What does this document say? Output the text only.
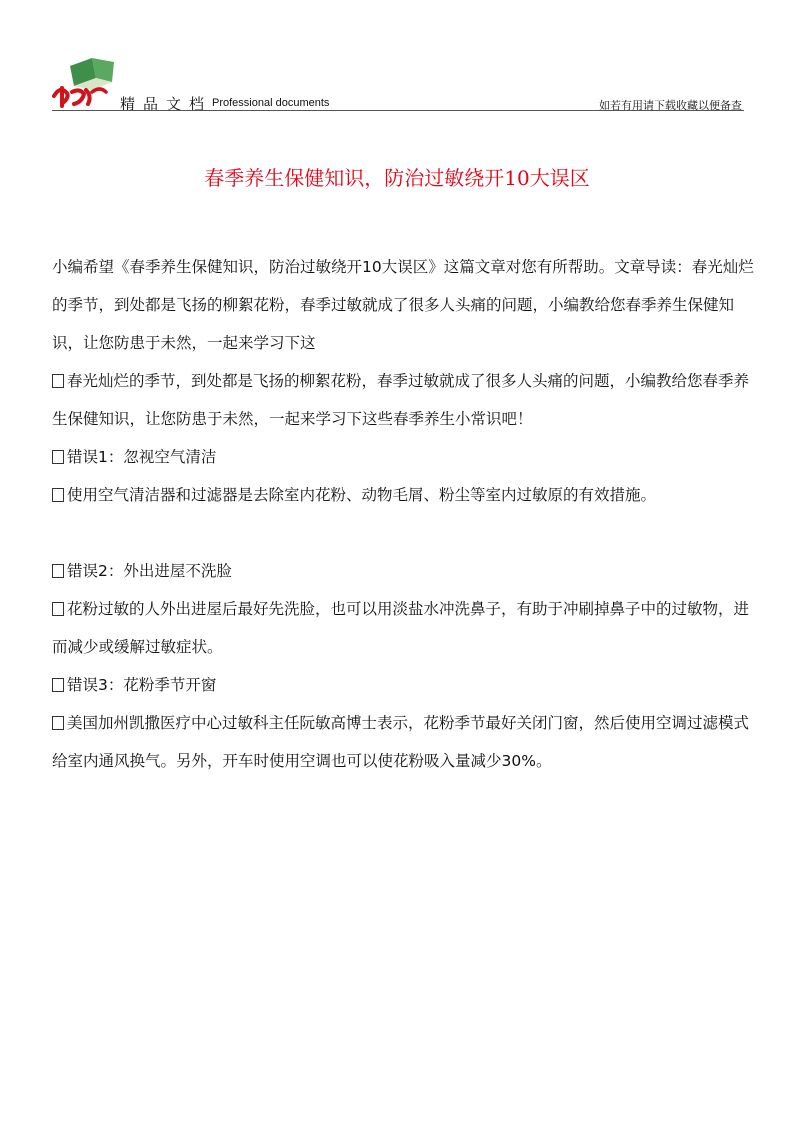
精品文档 Professional documents	如若有用请下载收藏以便备查
春季养生保健知识，防治过敏绕开10大误区

小编希望《春季养生保健知识，防治过敏绕开10大误区》这篇文章对您有所帮助。文章导读：春光灿烂的季节，到处都是飞扬的柳絮花粉，春季过敏就成了很多人头痛的问题，小编教给您春季养生保健知识，让您防患于未然，一起来学习下这

春光灿烂的季节，到处都是飞扬的柳絮花粉，春季过敏就成了很多人头痛的问题，小编教给您春季养生保健知识，让您防患于未然，一起来学习下这些春季养生小常识吧！

错误1：忽视空气清洁

使用空气清洁器和过滤器是去除室内花粉、动物毛屑、粉尘等室内过敏原的有效措施。

错误2：外出进屋不洗脸

花粉过敏的人外出进屋后最好先洗脸，也可以用淡盐水冲洗鼻子，有助于冲刷掉鼻子中的过敏物，进而减少或缓解过敏症状。

错误3：花粉季节开窗

美国加州凯撒医疗中心过敏科主任阮敏高博士表示，花粉季节最好关闭门窗，然后使用空调过滤模式给室内通风换气。另外，开车时使用空调也可以使花粉吸入量减少30%。
